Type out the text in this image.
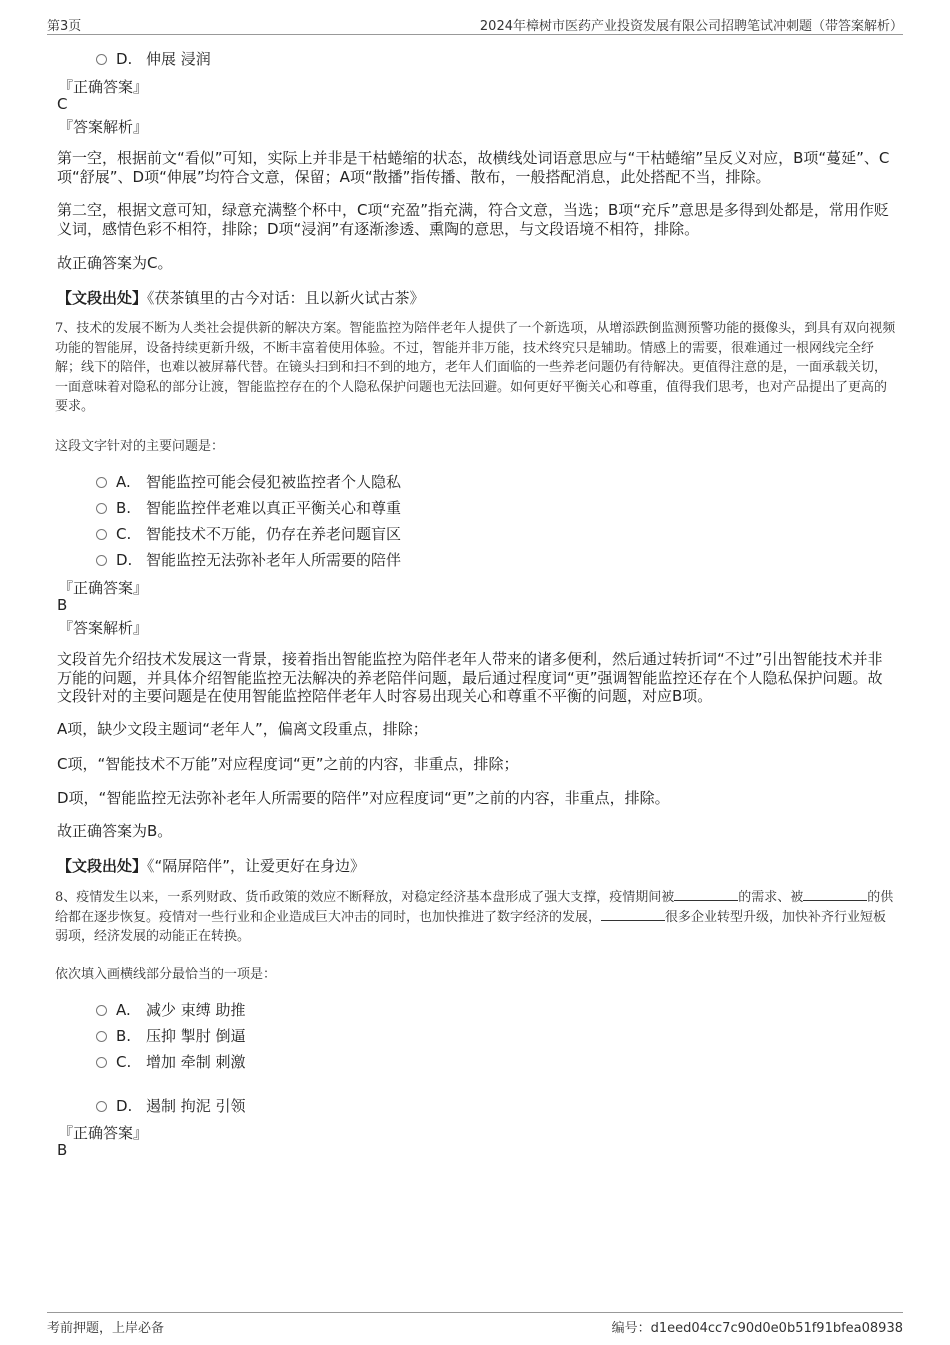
第3页	2024年樟树市医药产业投资发展有限公司招聘笔试冲刺题（带答案解析）
D. 伸展 浸润
『正确答案』
C
『答案解析』
第一空，根据前文“看似”可知，实际上并非是干枯蜷缩的状态，故横线处词语意思应与“干枯蜷缩”呈反义对应，B项“蔓延”、C项“舒展”、D项“伸展”均符合文意，保留；A项“散播”指传播、散布，一般搭配消息，此处搭配不当，排除。
第二空，根据文意可知，绿意充满整个杯中，C项“充盈”指充满，符合文意，当选；B项“充斥”意思是多得到处都是，常用作贬义词，感情色彩不相符，排除；D项“浸润”有逐渐渗透、熏陶的意思，与文段语境不相符，排除。
故正确答案为C。
【文段出处】《茯茶镇里的古今对话：且以新火试古茶》
7、技术的发展不断为人类社会提供新的解决方案。智能监控为陪伴老年人提供了一个新选项，从增添跌倒监测预警功能的摄像头，到具有双向视频功能的智能屏，设备持续更新升级，不断丰富着使用体验。不过，智能并非万能，技术终究只是辅助。情感上的需要，很难通过一根网线完全纾解；线下的陪伴，也难以被屏幕代替。在镜头扫到和扫不到的地方，老年人们面临的一些养老问题仍有待解决。更值得注意的是，一面承载关切，一面意味着对隐私的部分让渡，智能监控存在的个人隐私保护问题也无法回避。如何更好平衡关心和尊重，值得我们思考，也对产品提出了更高的要求。
这段文字针对的主要问题是：
A. 智能监控可能会侵犯被监控者个人隐私
B. 智能监控伴老难以真正平衡关心和尊重
C. 智能技术不万能，仍存在养老问题盲区
D. 智能监控无法弥补老年人所需要的陪伴
『正确答案』
B
『答案解析』
文段首先介绍技术发展这一背景，接着指出智能监控为陪伴老年人带来的诸多便利，然后通过转折词“不过”引出智能技术并非万能的问题，并具体介绍智能监控无法解决的养老陪伴问题，最后通过程度词“更”强调智能监控还存在个人隐私保护问题。故文段针对的主要问题是在使用智能监控陪伴老年人时容易出现关心和尊重不平衡的问题，对应B项。
A项，缺少文段主题词“老年人”，偏离文段重点，排除；
C项，“智能技术不万能”对应程度词“更”之前的内容，非重点，排除；
D项，“智能监控无法弥补老年人所需要的陪伴”对应程度词“更”之前的内容，非重点，排除。
故正确答案为B。
【文段出处】《“隔屏陪伴”，让爱更好在身边》
8、疫情发生以来，一系列财政、货币政策的效应不断释放，对稳定经济基本盘形成了强大支撑，疫情期间被	的需求、被	的供给都在逐步恢复。疫情对一些行业和企业造成巨大冲击的同时，也加快推进了数字经济的发展，	很多企业转型升级，加快补齐行业短板弱项，经济发展的动能正在转换。
依次填入画横线部分最恰当的一项是：
A. 减少 束缚 助推
B. 压抑 掣肘 倒逼
C. 增加 牵制 刺激
D. 遏制 拘泥 引领
『正确答案』
B
考前押题，上岸必备	编号：d1eed04cc7c90d0e0b51f91bfea08938
